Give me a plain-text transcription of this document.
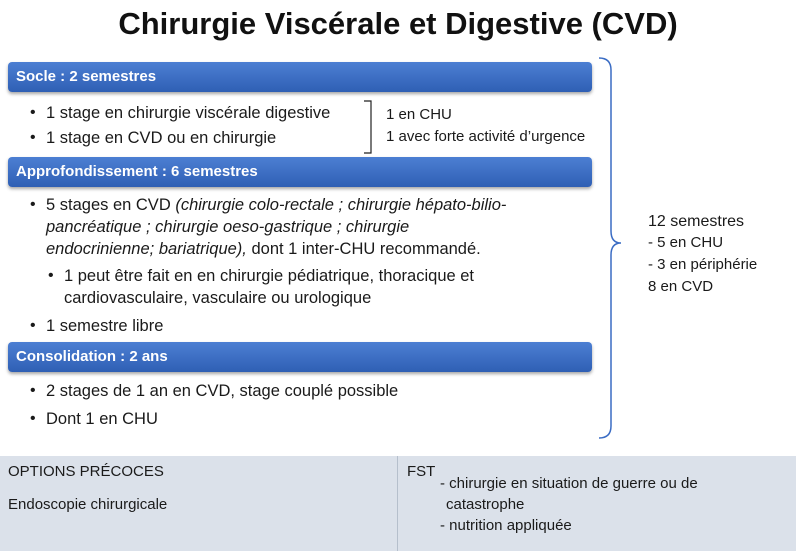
Chirurgie Viscérale et Digestive (CVD)
Socle : 2 semestres
• 1 stage en chirurgie viscérale digestive
• 1 stage en CVD ou en chirurgie
1 en CHU
1 avec forte activité d’urgence
Approfondissement : 6 semestres
• 5 stages en CVD (chirurgie colo-rectale ; chirurgie hépato-bilio-
pancréatique ; chirurgie oeso-gastrique ; chirurgie
endocrinienne; bariatrique), dont 1 inter-CHU recommandé.
• 1 peut être fait en en chirurgie pédiatrique, thoracique et
cardiovasculaire, vasculaire ou urologique
• 1 semestre libre
Consolidation : 2 ans
• 2 stages de 1 an en CVD, stage couplé possible
• Dont 1 en CHU
12 semestres
- 5 en CHU
- 3 en périphérie
8 en CVD
OPTIONS PRÉCOCES
Endoscopie chirurgicale
FST
- chirurgie en situation de guerre ou de
catastrophe
- nutrition appliquée
